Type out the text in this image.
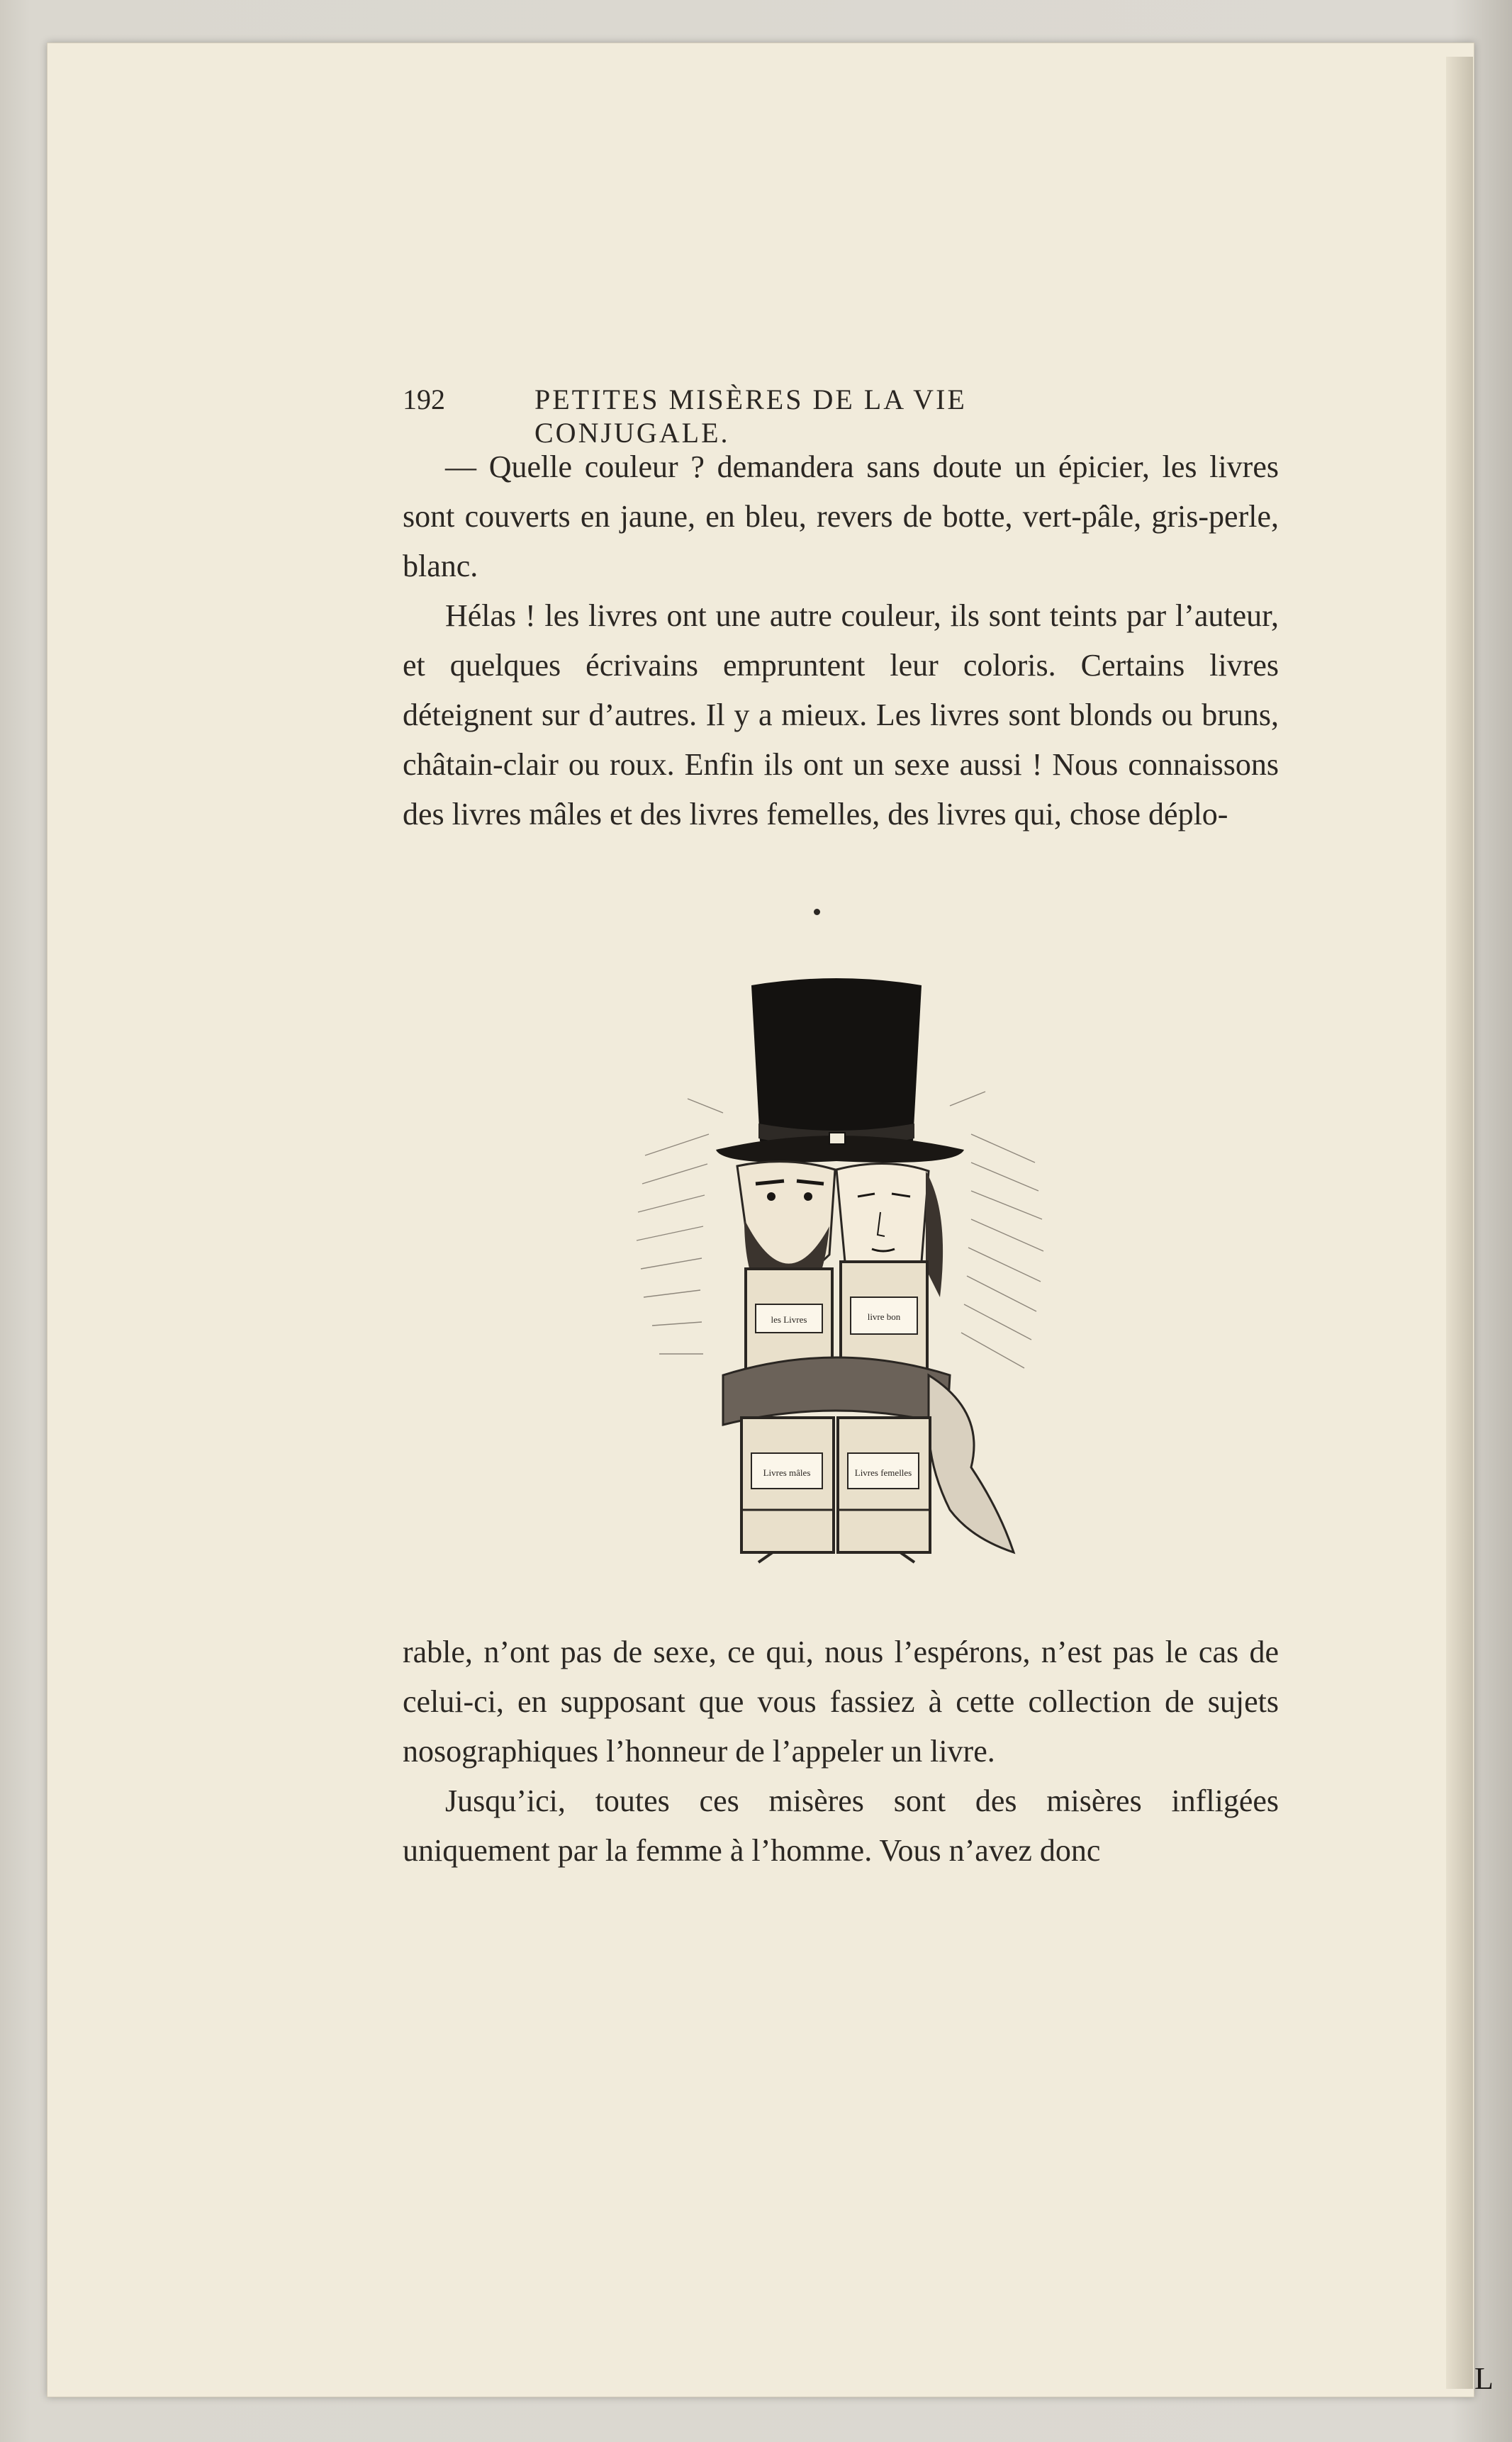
192	PETITES MISÈRES DE LA VIE CONJUGALE.

— Quelle couleur ? demandera sans doute un épicier, les livres sont couverts en jaune, en bleu, revers de botte, vert-pâle, gris-perle, blanc.

Hélas ! les livres ont une autre couleur, ils sont teints par l’auteur, et quelques écrivains empruntent leur coloris. Certains livres déteignent sur d’autres. Il y a mieux. Les livres sont blonds ou bruns, châtain-clair ou roux. Enfin ils ont un sexe aussi ! Nous connaissons des livres mâles et des livres femelles, des livres qui, chose déplo-

les Livres	livre bon
Livres mâles	Livres femelles

rable, n’ont pas de sexe, ce qui, nous l’espérons, n’est pas le cas de celui-ci, en supposant que vous fassiez à cette collection de sujets nosographiques l’honneur de l’appeler un livre.

Jusqu’ici, toutes ces misères sont des misères infligées uniquement par la femme à l’homme. Vous n’avez donc

L
